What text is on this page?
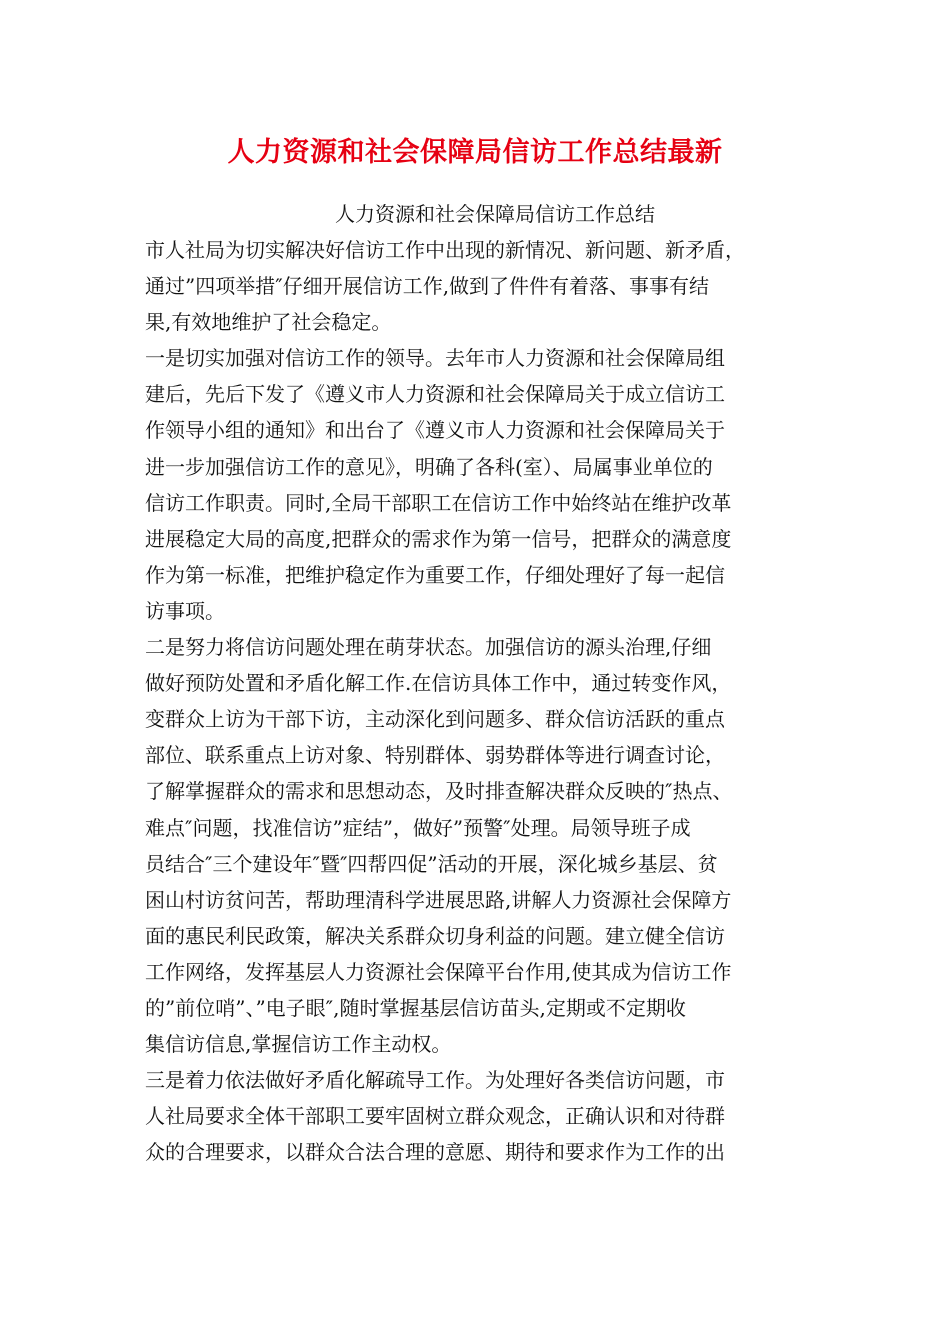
人力资源和社会保障局信访工作总结最新

人力资源和社会保障局信访工作总结

市人社局为切实解决好信访工作中出现的新情况、新问题、新矛盾，
通过”四项举措″仔细开展信访工作,做到了件件有着落、事事有结
果,有效地维护了社会稳定。
一是切实加强对信访工作的领导。去年市人力资源和社会保障局组
建后，先后下发了《遵义市人力资源和社会保障局关于成立信访工
作领导小组的通知》和出台了《遵义市人力资源和社会保障局关于
进一步加强信访工作的意见》，明确了各科(室）、局属事业单位的
信访工作职责。同时,全局干部职工在信访工作中始终站在维护改革
进展稳定大局的高度,把群众的需求作为第一信号，把群众的满意度
作为第一标准，把维护稳定作为重要工作，仔细处理好了每一起信
访事项。
二是努力将信访问题处理在萌芽状态。加强信访的源头治理,仔细
做好预防处置和矛盾化解工作.在信访具体工作中，通过转变作风，
变群众上访为干部下访，主动深化到问题多、群众信访活跃的重点
部位、联系重点上访对象、特别群体、弱势群体等进行调查讨论，
了解掌握群众的需求和思想动态，及时排查解决群众反映的″热点、
难点″问题，找准信访”症结”，做好”预警″处理。局领导班子成
员结合″三个建设年″暨″四帮四促”活动的开展，深化城乡基层、贫
困山村访贫问苦，帮助理清科学进展思路,讲解人力资源社会保障方
面的惠民利民政策，解决关系群众切身利益的问题。建立健全信访
工作网络，发挥基层人力资源社会保障平台作用,使其成为信访工作
的”前位哨”、”电子眼″,随时掌握基层信访苗头,定期或不定期收
集信访信息,掌握信访工作主动权。
三是着力依法做好矛盾化解疏导工作。为处理好各类信访问题，市
人社局要求全体干部职工要牢固树立群众观念，正确认识和对待群
众的合理要求，以群众合法合理的意愿、期待和要求作为工作的出
